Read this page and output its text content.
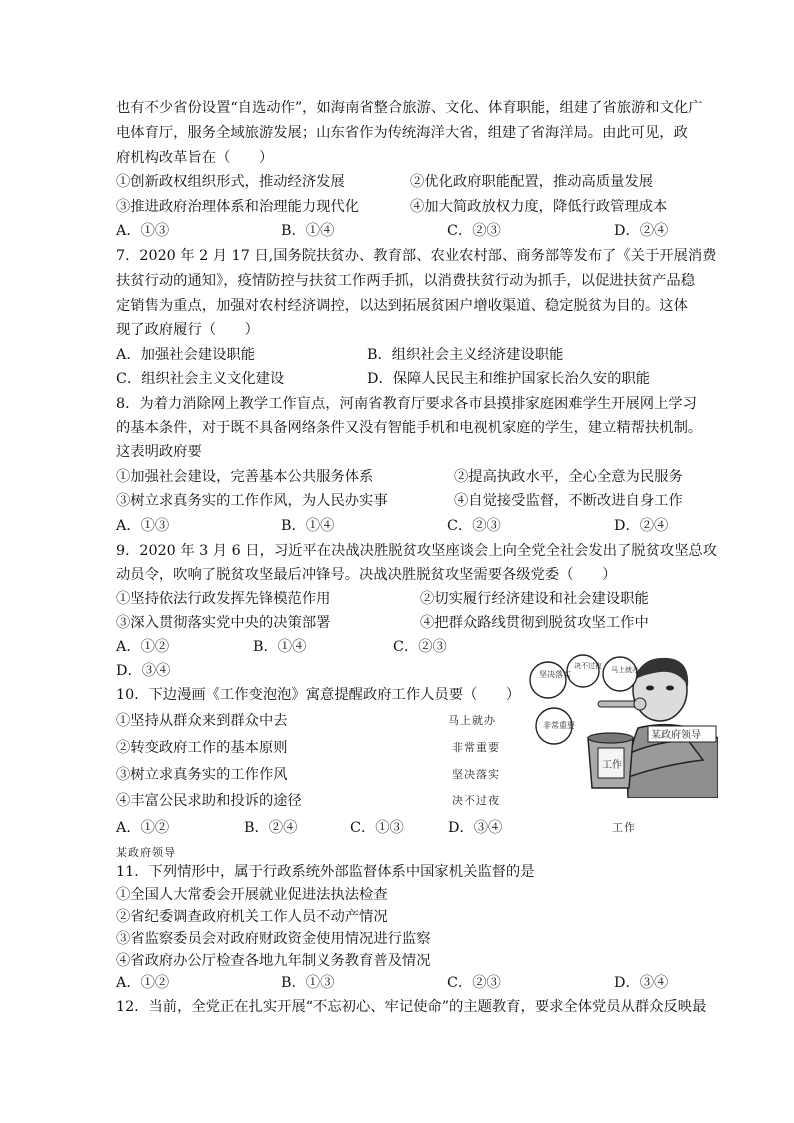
也有不少省份设置“自选动作”，如海南省整合旅游、文化、体育职能，组建了省旅游和文化广
电体育厅，服务全域旅游发展；山东省作为传统海洋大省，组建了省海洋局。由此可见，政
府机构改革旨在（　　）
①创新政权组织形式，推动经济发展	②优化政府职能配置，推动高质量发展
③推进政府治理体系和治理能力现代化	④加大简政放权力度，降低行政管理成本
A．①③	B．①④	C．②③	D．②④
7．2020 年 2 月 17 日,国务院扶贫办、教育部、农业农村部、商务部等发布了《关于开展消费
扶贫行动的通知》，疫情防控与扶贫工作两手抓，以消费扶贫行动为抓手，以促进扶贫产品稳
定销售为重点，加强对农村经济调控，以达到拓展贫困户增收渠道、稳定脱贫为目的。这体
现了政府履行（　　）
A．加强社会建设职能	B．组织社会主义经济建设职能
C．组织社会主义文化建设	D．保障人民民主和维护国家长治久安的职能
8．为着力消除网上教学工作盲点，河南省教育厅要求各市县摸排家庭困难学生开展网上学习
的基本条件，对于既不具备网络条件又没有智能手机和电视机家庭的学生，建立精帮扶机制。
这表明政府要
①加强社会建设，完善基本公共服务体系	②提高执政水平，全心全意为民服务
③树立求真务实的工作作风，为人民办实事	④自觉接受监督，不断改进自身工作
A．①③	B．①④	C．②③	D．②④
9．2020 年 3 月 6 日，习近平在决战决胜脱贫攻坚座谈会上向全党全社会发出了脱贫攻坚总攻
动员令，吹响了脱贫攻坚最后冲锋号。决战决胜脱贫攻坚需要各级党委（　　）
①坚持依法行政发挥先锋模范作用	②切实履行经济建设和社会建设职能
③深入贯彻落实党中央的决策部署	④把群众路线贯彻到脱贫攻坚工作中
A．①②	B．①④	C．②③
D．③④
10．下边漫画《工作变泡泡》寓意提醒政府工作人员要（　　）
①坚持从群众来到群众中去
②转变政府工作的基本原则
③树立求真务实的工作作风
④丰富公民求助和投诉的途径
马上就办
非常重要
坚决落实
决不过夜
A．①②	B．②④	C．①③	D．③④	工作
某政府领导
坚决落实
决不过夜 马上就办
非常重要
工作
某政府领导
11．下列情形中，属于行政系统外部监督体系中国家机关监督的是
①全国人大常委会开展就业促进法执法检查
②省纪委调查政府机关工作人员不动产情况
③省监察委员会对政府财政资金使用情况进行监察
④省政府办公厅检查各地九年制义务教育普及情况
A．①②	B．①③	C．②③	D．③④
12．当前，全党正在扎实开展“不忘初心、牢记使命”的主题教育，要求全体党员从群众反映最
